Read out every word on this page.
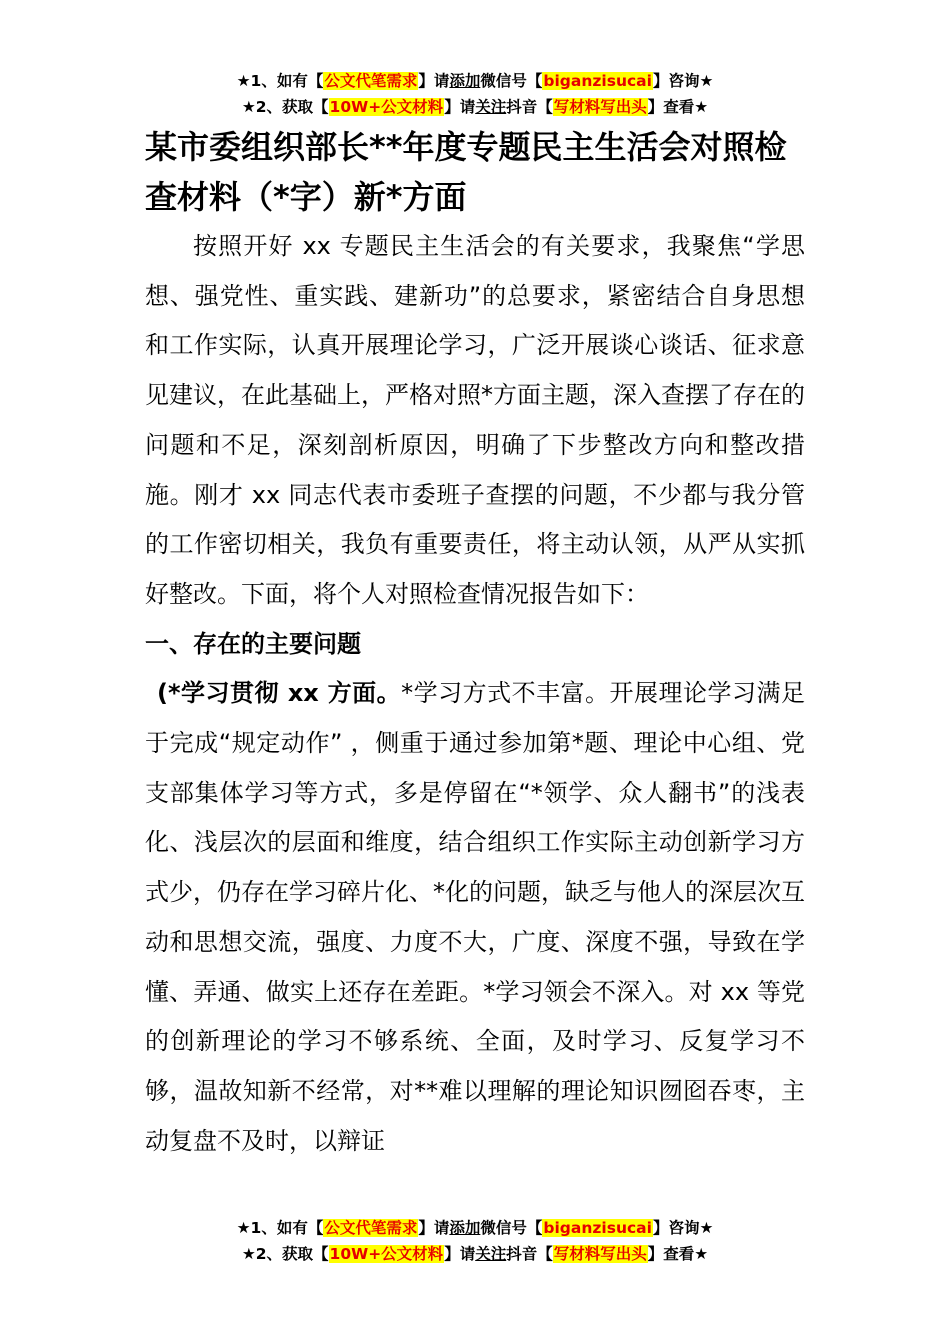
★1、如有【公文代笔需求】请添加微信号【biganzisucai】咨询★
★2、获取【10W+公文材料】请关注抖音【写材料写出头】查看★
某市委组织部长**年度专题民主生活会对照检查材料（*字）新*方面

按照开好 xx 专题民主生活会的有关要求，我聚焦“学思想、强党性、重实践、建新功”的总要求，紧密结合自身思想和工作实际，认真开展理论学习，广泛开展谈心谈话、征求意见建议，在此基础上，严格对照*方面主题，深入查摆了存在的问题和不足，深刻剖析原因，明确了下步整改方向和整改措施。刚才 xx 同志代表市委班子查摆的问题，不少都与我分管的工作密切相关，我负有重要责任，将主动认领，从严从实抓好整改。下面，将个人对照检查情况报告如下：

一、存在的主要问题

(*学习贯彻 xx 方面。*学习方式不丰富。开展理论学习满足于完成“规定动作” ，侧重于通过参加第*题、理论中心组、党支部集体学习等方式，多是停留在“*领学、众人翻书”的浅表化、浅层次的层面和维度，结合组织工作实际主动创新学习方式少，仍存在学习碎片化、*化的问题，缺乏与他人的深层次互动和思想交流，强度、力度不大，广度、深度不强，导致在学懂、弄通、做实上还存在差距。*学习领会不深入。对 xx 等党的创新理论的学习不够系统、全面，及时学习、反复学习不够，温故知新不经常，对**难以理解的理论知识囫囵吞枣，主动复盘不及时，以辩证

★1、如有【公文代笔需求】请添加微信号【biganzisucai】咨询★
★2、获取【10W+公文材料】请关注抖音【写材料写出头】查看★
